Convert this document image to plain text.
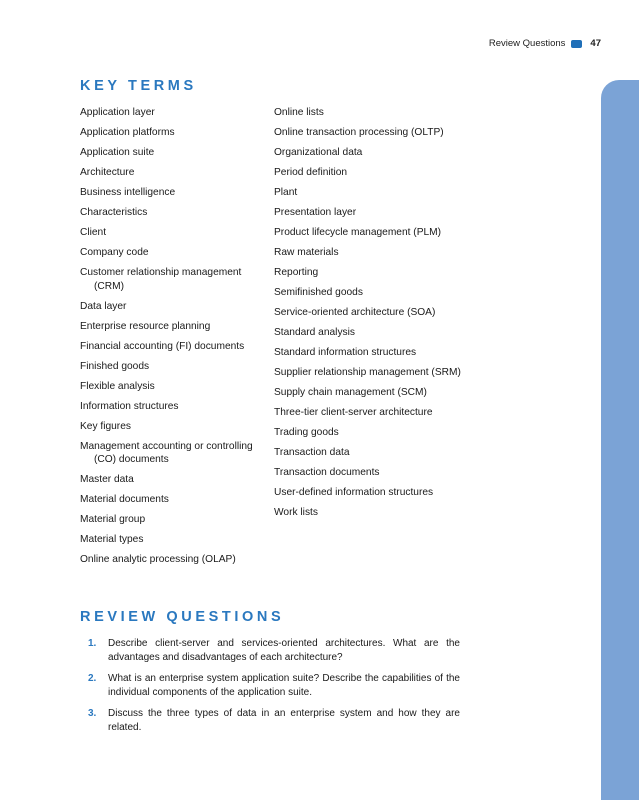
Review Questions	47
KEY TERMS
Application layer
Application platforms
Application suite
Architecture
Business intelligence
Characteristics
Client
Company code
Customer relationship management (CRM)
Data layer
Enterprise resource planning
Financial accounting (FI) documents
Finished goods
Flexible analysis
Information structures
Key figures
Management accounting or controlling (CO) documents
Master data
Material documents
Material group
Material types
Online analytic processing (OLAP)
Online lists
Online transaction processing (OLTP)
Organizational data
Period definition
Plant
Presentation layer
Product lifecycle management (PLM)
Raw materials
Reporting
Semifinished goods
Service-oriented architecture (SOA)
Standard analysis
Standard information structures
Supplier relationship management (SRM)
Supply chain management (SCM)
Three-tier client-server architecture
Trading goods
Transaction data
Transaction documents
User-defined information structures
Work lists
REVIEW QUESTIONS
1.	Describe client-server and services-oriented architectures. What are the advantages and disadvantages of each architecture?
2.	What is an enterprise system application suite? Describe the capabilities of the individual components of the application suite.
3.	Discuss the three types of data in an enterprise system and how they are related.
